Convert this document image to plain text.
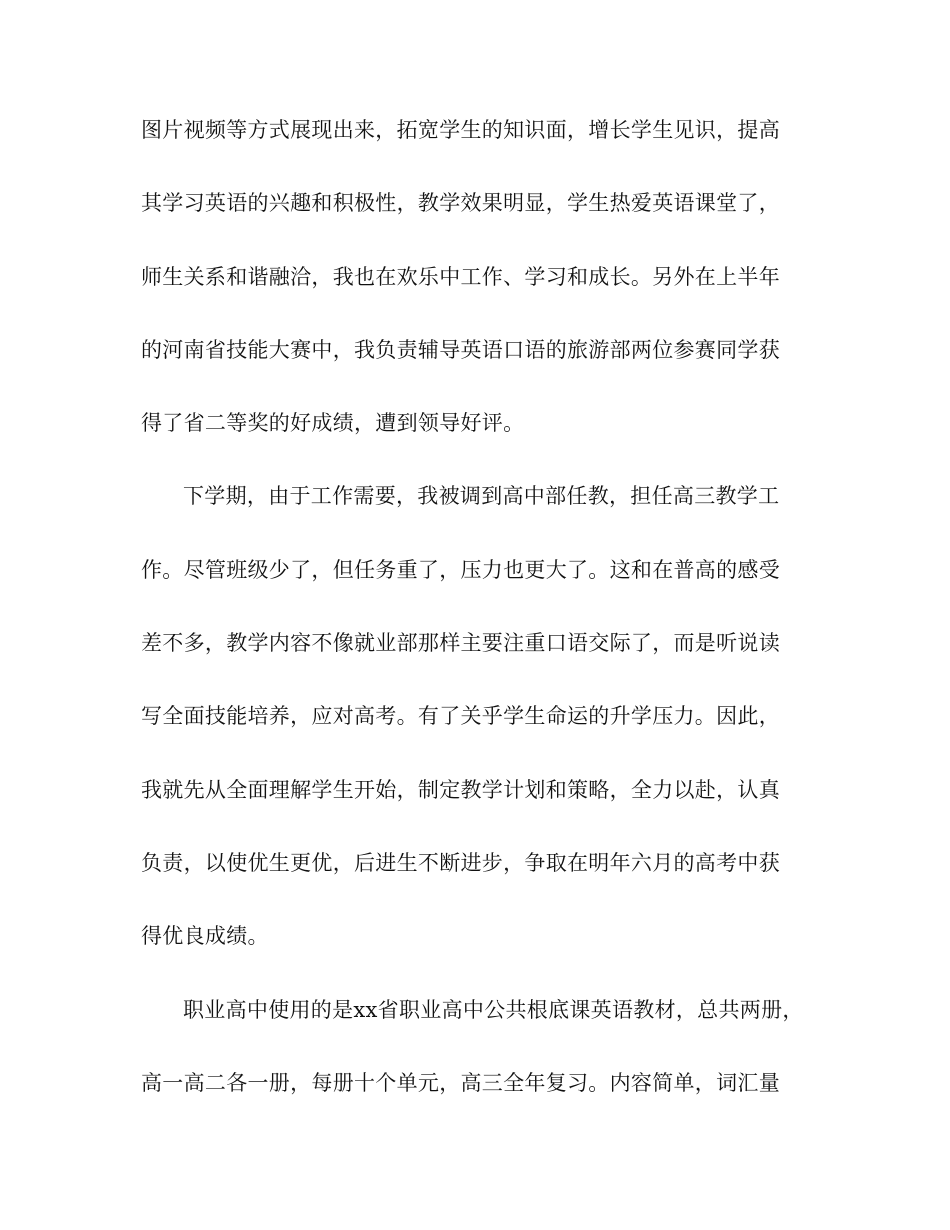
图片视频等方式展现出来，拓宽学生的知识面，增长学生见识，提高
其学习英语的兴趣和积极性，教学效果明显，学生热爱英语课堂了，
师生关系和谐融洽，我也在欢乐中工作、学习和成长。另外在上半年
的河南省技能大赛中，我负责辅导英语口语的旅游部两位参赛同学获
得了省二等奖的好成绩，遭到领导好评。
下学期，由于工作需要，我被调到高中部任教，担任高三教学工
作。尽管班级少了，但任务重了，压力也更大了。这和在普高的感受
差不多，教学内容不像就业部那样主要注重口语交际了，而是听说读
写全面技能培养，应对高考。有了关乎学生命运的升学压力。因此，
我就先从全面理解学生开始，制定教学计划和策略，全力以赴，认真
负责，以使优生更优，后进生不断进步，争取在明年六月的高考中获
得优良成绩。
职业高中使用的是xx省职业高中公共根底课英语教材，总共两册，
高一高二各一册，每册十个单元，高三全年复习。内容简单，词汇量
